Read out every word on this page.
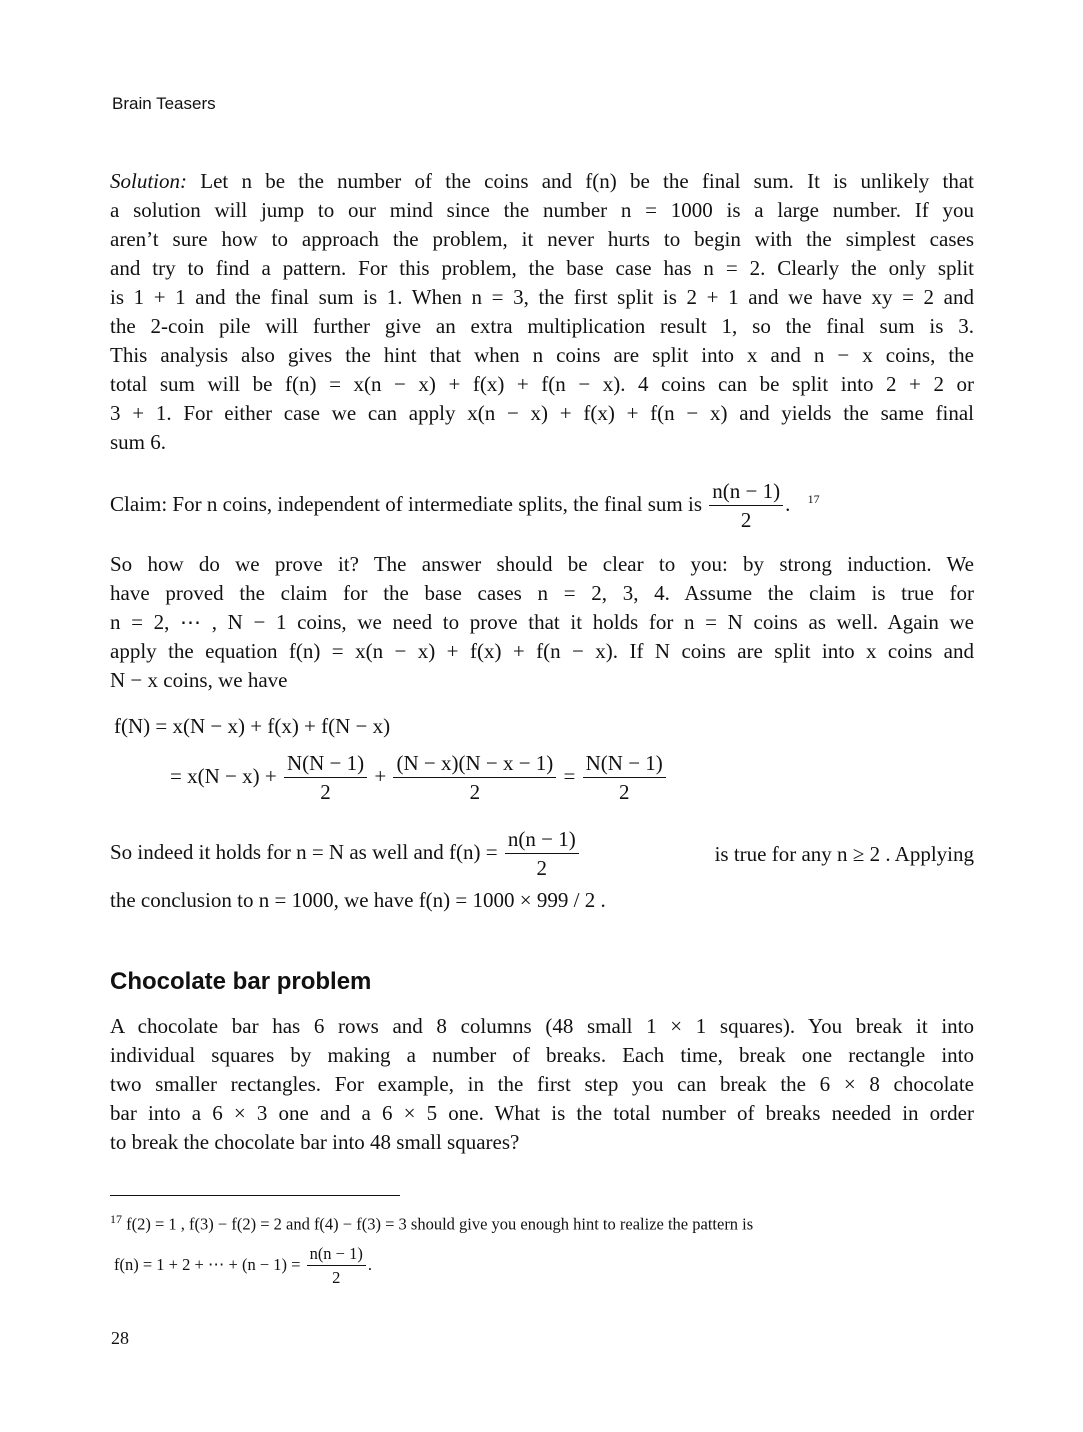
Brain Teasers
Solution: Let n be the number of the coins and f(n) be the final sum. It is unlikely that
a solution will jump to our mind since the number n = 1000 is a large number. If you
aren’t sure how to approach the problem, it never hurts to begin with the simplest cases
and try to find a pattern. For this problem, the base case has n = 2. Clearly the only split
is 1 + 1 and the final sum is 1. When n = 3, the first split is 2 + 1 and we have xy = 2 and
the 2-coin pile will further give an extra multiplication result 1, so the final sum is 3.
This analysis also gives the hint that when n coins are split into x and n − x coins, the
total sum will be f(n) = x(n − x) + f(x) + f(n − x). 4 coins can be split into 2 + 2 or
3 + 1. For either case we can apply x(n − x) + f(x) + f(n − x) and yields the same final
sum 6.
Claim: For n coins, independent of intermediate splits, the final sum is $\frac{n(n - 1)}{2}$ . $^{17}$
So how do we prove it? The answer should be clear to you: by strong induction. We
have proved the claim for the base cases n = 2, 3, 4. Assume the claim is true for
n = 2, ⋯ , N − 1 coins, we need to prove that it holds for n = N coins as well. Again we
apply the equation f(n) = x(n − x) + f(x) + f(n − x). If N coins are split into x coins and
N − x coins, we have
f(N) = x(N − x) + f(x) + f(N − x)
= $x(N - x) + \frac{N(N - 1)}{2} + \frac{(N - x)(N - x - 1)}{2} = \frac{N(N - 1)}{2}$
So indeed it holds for n = N as well and $f(n) = \frac{n(n - 1)}{2}$	is true for any n ≥ 2 . Applying
the conclusion to n = 1000, we have f(n) = 1000 × 999 / 2 .
Chocolate bar problem
A chocolate bar has 6 rows and 8 columns (48 small 1 × 1 squares). You break it into
individual squares by making a number of breaks. Each time, break one rectangle into
two smaller rectangles. For example, in the first step you can break the 6 × 8 chocolate
bar into a 6 × 3 one and a 6 × 5 one. What is the total number of breaks needed in order
to break the chocolate bar into 48 small squares?
$^{17}$ f(2) = 1 , f(3) − f(2) = 2 and f(4) − f(3) = 3 should give you enough hint to realize the pattern is
f(n) = 1 + 2 + ⋯ + $(n - 1) = \frac{n(n - 1)}{2}$ .
28
